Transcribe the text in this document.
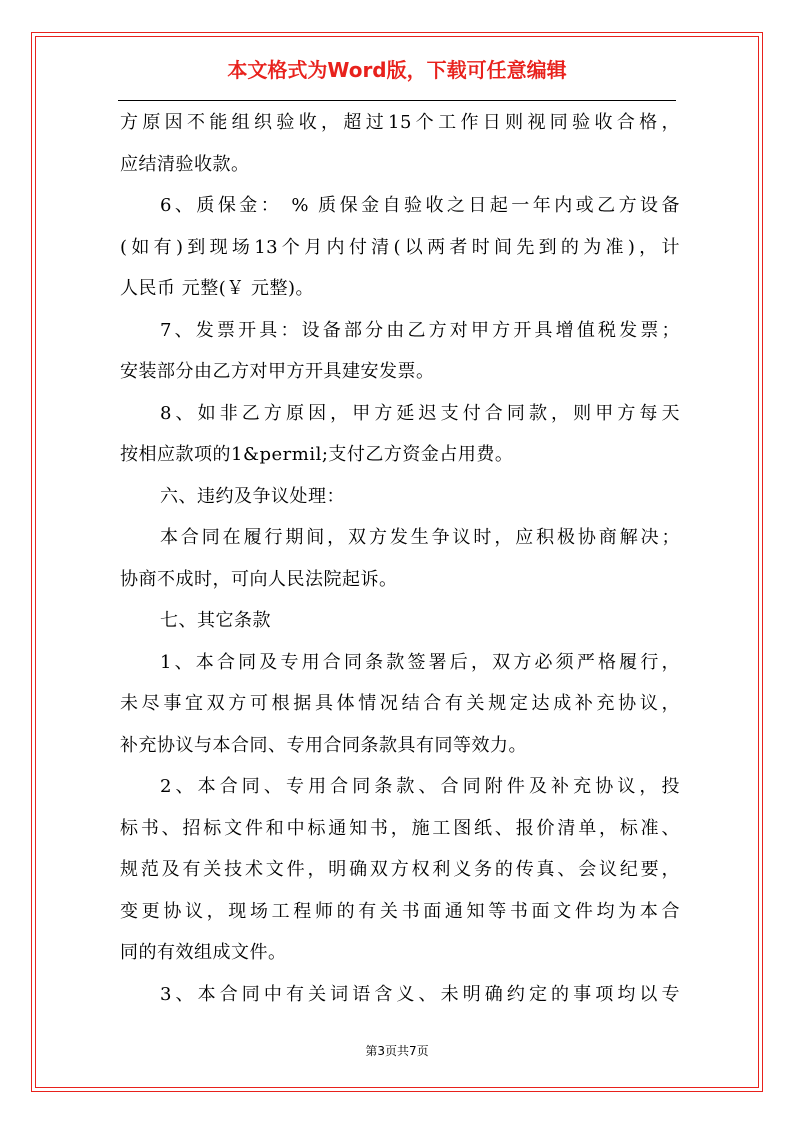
本文格式为Word版，下载可任意编辑
方原因不能组织验收，超过15个工作日则视同验收合格，
应结清验收款。
6、质保金： % 质保金自验收之日起一年内或乙方设备
(如有)到现场13个月内付清(以两者时间先到的为准)，计
人民币 元整(￥ 元整)。
7、发票开具：设备部分由乙方对甲方开具增值税发票；
安装部分由乙方对甲方开具建安发票。
8、如非乙方原因，甲方延迟支付合同款，则甲方每天
按相应款项的1&permil;支付乙方资金占用费。
六、违约及争议处理：
本合同在履行期间，双方发生争议时，应积极协商解决；
协商不成时，可向人民法院起诉。
七、其它条款
1、本合同及专用合同条款签署后，双方必须严格履行，
未尽事宜双方可根据具体情况结合有关规定达成补充协议，
补充协议与本合同、专用合同条款具有同等效力。
2、本合同、专用合同条款、合同附件及补充协议，投
标书、招标文件和中标通知书，施工图纸、报价清单，标准、
规范及有关技术文件，明确双方权利义务的传真、会议纪要，
变更协议，现场工程师的有关书面通知等书面文件均为本合
同的有效组成文件。
3、本合同中有关词语含义、未明确约定的事项均以专
第3页共7页
